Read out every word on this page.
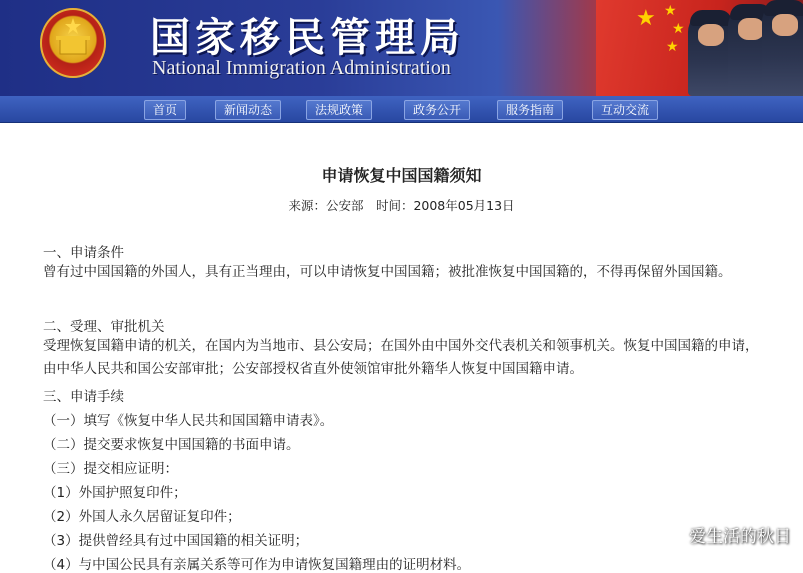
国家移民管理局
National Immigration Administration
★ ★
★
★
首页	新闻动态	法规政策	政务公开	服务指南	互动交流
申请恢复中国国籍须知
来源：公安部　时间：2008年05月13日
一、申请条件
曾有过中国国籍的外国人，具有正当理由，可以申请恢复中国国籍；被批准恢复中国国籍的，不得再保留外国国籍。
二、受理、审批机关
受理恢复国籍申请的机关，在国内为当地市、县公安局；在国外由中国外交代表机关和领事机关。恢复中国国籍的申请，由中华人民共和国公安部审批；公安部授权省直外使领馆审批外籍华人恢复中国国籍申请。
三、申请手续
（一）填写《恢复中华人民共和国国籍申请表》。
（二）提交要求恢复中国国籍的书面申请。
（三）提交相应证明：
（1）外国护照复印件；
（2）外国人永久居留证复印件；
（3）提供曾经具有过中国国籍的相关证明；
（4）与中国公民具有亲属关系等可作为申请恢复国籍理由的证明材料。
爱生活的秋日
